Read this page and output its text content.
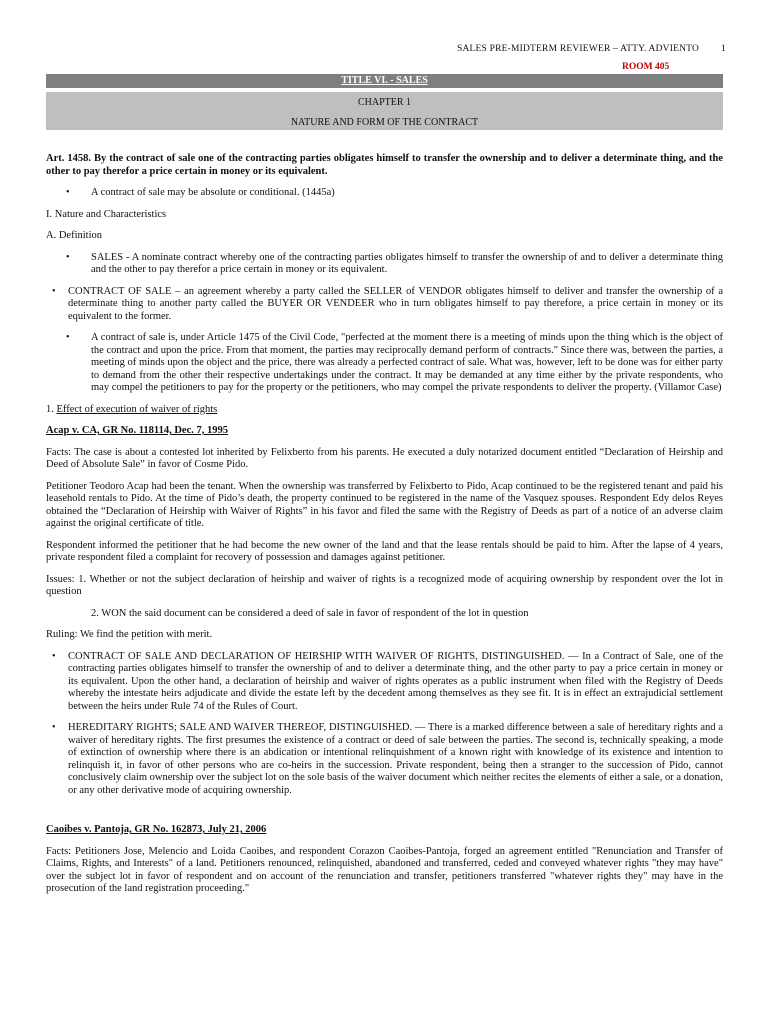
SALES PRE-MIDTERM REVIEWER – ATTY. ADVIENTO 1
ROOM 405
TITLE VI. - SALES
CHAPTER 1
NATURE AND FORM OF THE CONTRACT

Art. 1458. By the contract of sale one of the contracting parties obligates himself to transfer the ownership and to deliver a determinate thing, and the other to pay therefor a price certain in money or its equivalent.

• A contract of sale may be absolute or conditional. (1445a)

I. Nature and Characteristics

A. Definition

• SALES - A nominate contract whereby one of the contracting parties obligates himself to transfer the ownership of and to deliver a determinate thing and the other to pay therefor a price certain in money or its equivalent.
• CONTRACT OF SALE – an agreement whereby a party called the SELLER of VENDOR obligates himself to deliver and transfer the ownership of a determinate thing to another party called the BUYER OR VENDEER who in turn obligates himself to pay therefore, a price certain in money or its equivalent to the former.
• A contract of sale is, under Article 1475 of the Civil Code, "perfected at the moment there is a meeting of minds upon the thing which is the object of the contract and upon the price. From that moment, the parties may reciprocally demand perform of contracts." Since there was, between the parties, a meeting of minds upon the object and the price, there was already a perfected contract of sale. What was, however, left to be done was for either party to demand from the other their respective undertakings under the contract. It may be demanded at any time either by the private respondents, who may compel the petitioners to pay for the property or the petitioners, who may compel the private respondents to deliver the property. (Villamor Case)

1. Effect of execution of waiver of rights

Acap v. CA, GR No. 118114, Dec. 7, 1995

Facts: The case is about a contested lot inherited by Felixberto from his parents. He executed a duly notarized document entitled “Declaration of Heirship and Deed of Absolute Sale” in favor of Cosme Pido.

Petitioner Teodoro Acap had been the tenant. When the ownership was transferred by Felixberto to Pido, Acap continued to be the registered tenant and paid his leasehold rentals to Pido. At the time of Pido’s death, the property continued to be registered in the name of the Vasquez spouses. Respondent Edy delos Reyes obtained the “Declaration of Heirship with Waiver of Rights” in his favor and filed the same with the Registry of Deeds as part of a notice of an adverse claim against the original certificate of title.

Respondent informed the petitioner that he had become the new owner of the land and that the lease rentals should be paid to him. After the lapse of 4 years, private respondent filed a complaint for recovery of possession and damages against petitioner.

Issues: 1. Whether or not the subject declaration of heirship and waiver of rights is a recognized mode of acquiring ownership by respondent over the lot in question

2. WON the said document can be considered a deed of sale in favor of respondent of the lot in question

Ruling: We find the petition with merit.

• CONTRACT OF SALE AND DECLARATION OF HEIRSHIP WITH WAIVER OF RIGHTS, DISTINGUISHED. — In a Contract of Sale, one of the contracting parties obligates himself to transfer the ownership of and to deliver a determinate thing, and the other party to pay a price certain in money or its equivalent. Upon the other hand, a declaration of heirship and waiver of rights operates as a public instrument when filed with the Registry of Deeds whereby the intestate heirs adjudicate and divide the estate left by the decedent among themselves as they see fit. It is in effect an extrajudicial settlement between the heirs under Rule 74 of the Rules of Court.
• HEREDITARY RIGHTS; SALE AND WAIVER THEREOF, DISTINGUISHED. — There is a marked difference between a sale of hereditary rights and a waiver of hereditary rights. The first presumes the existence of a contract or deed of sale between the parties. The second is, technically speaking, a mode of extinction of ownership where there is an abdication or intentional relinquishment of a known right with knowledge of its existence and intention to relinquish it, in favor of other persons who are co-heirs in the succession. Private respondent, being then a stranger to the succession of Pido, cannot conclusively claim ownership over the subject lot on the sole basis of the waiver document which neither recites the elements of either a sale, or a donation, or any other derivative mode of acquiring ownership.

Caoibes v. Pantoja, GR No. 162873, July 21, 2006

Facts: Petitioners Jose, Melencio and Loida Caoibes, and respondent Corazon Caoibes-Pantoja, forged an agreement entitled "Renunciation and Transfer of Claims, Rights, and Interests" of a land. Petitioners renounced, relinquished, abandoned and transferred, ceded and conveyed whatever rights "they may have" over the subject lot in favor of respondent and on account of the renunciation and transfer, petitioners transferred "whatever rights they" may have in the prosecution of the land registration proceeding."
